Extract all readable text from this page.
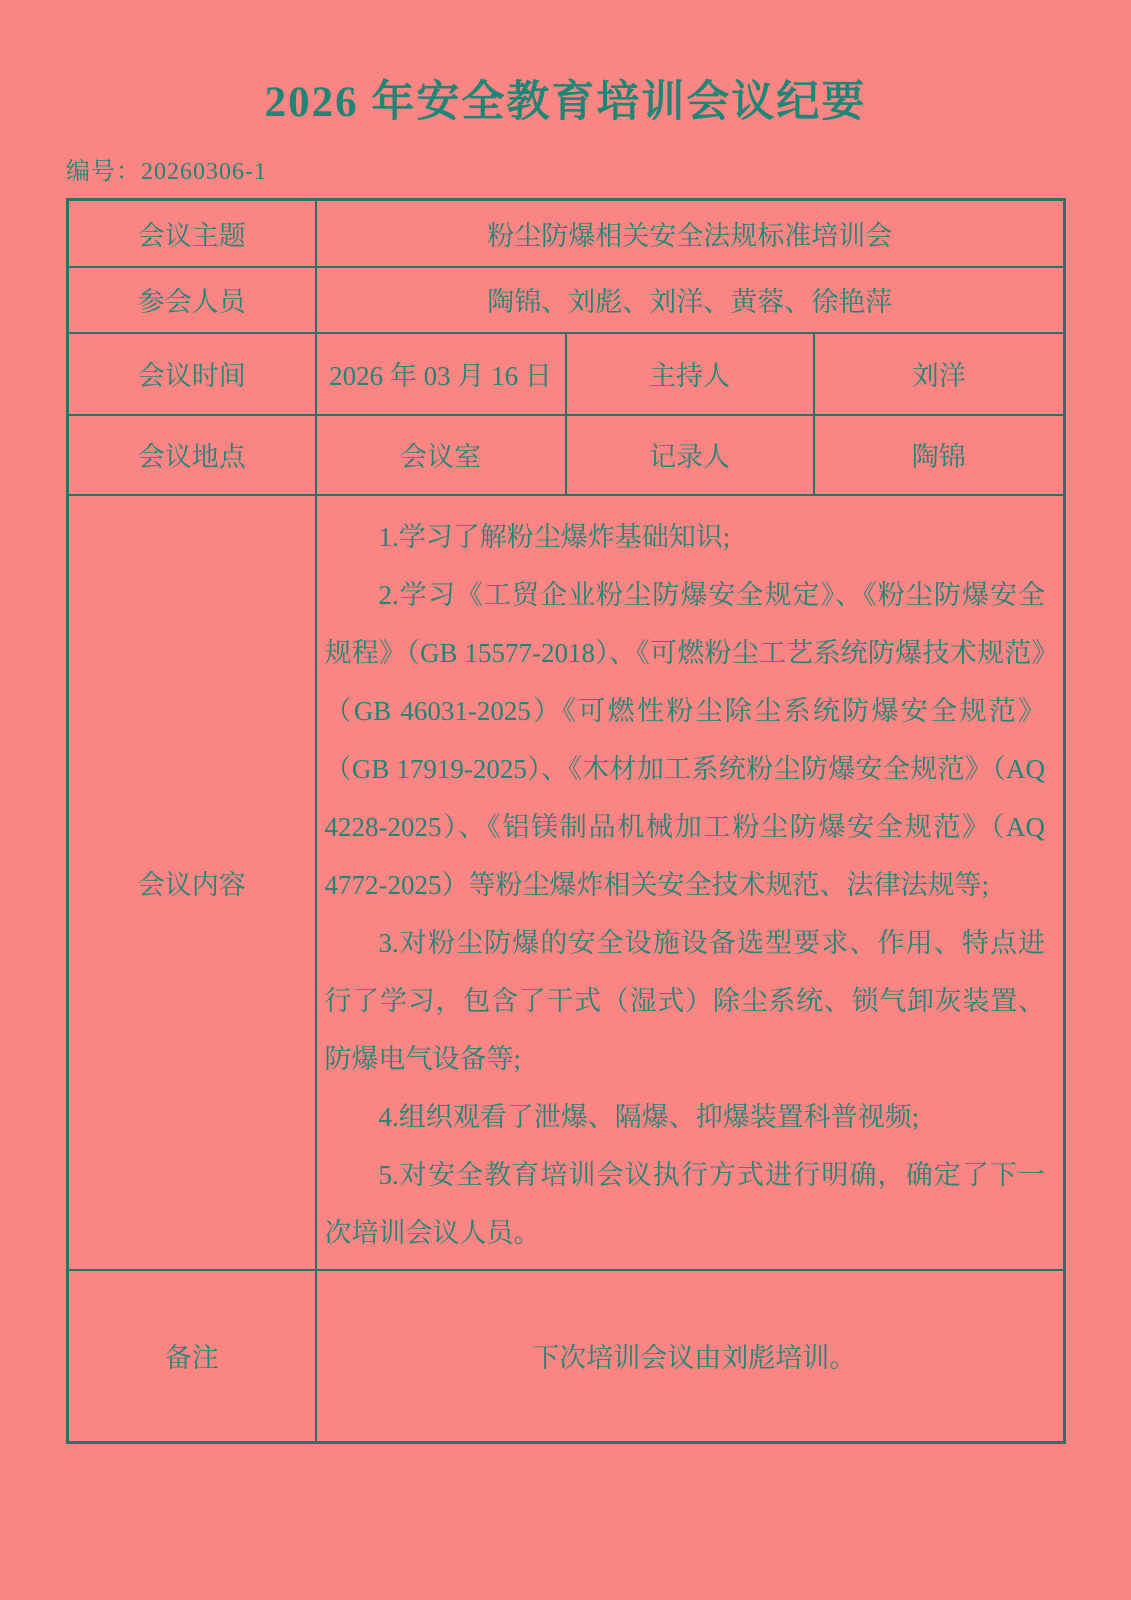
2026 年安全教育培训会议纪要
编号：20260306-1
会议主题	粉尘防爆相关安全法规标准培训会		
参会人员	陶锦、刘彪、刘洋、黄蓉、徐艳萍		
会议时间	2026 年 03 月 16 日	主持人	刘洋
会议地点	会议室	记录人	陶锦
会议内容	1.学习了解粉尘爆炸基础知识;
2.学习《工贸企业粉尘防爆安全规定》、《粉尘防爆安全规程》（GB 15577-2018）、《可燃粉尘工艺系统防爆技术规范》（GB 46031-2025）《可燃性粉尘除尘系统防爆安全规范》（GB 17919-2025）、《木材加工系统粉尘防爆安全规范》（AQ 4228-2025）、《铝镁制品机械加工粉尘防爆安全规范》（AQ 4772-2025）等粉尘爆炸相关安全技术规范、法律法规等;
3.对粉尘防爆的安全设施设备选型要求、作用、特点进行了学习，包含了干式（湿式）除尘系统、锁气卸灰装置、防爆电气设备等;
4.组织观看了泄爆、隔爆、抑爆装置科普视频;
5.对安全教育培训会议执行方式进行明确，确定了下一次培训会议人员。		

备注	下次培训会议由刘彪培训。		
